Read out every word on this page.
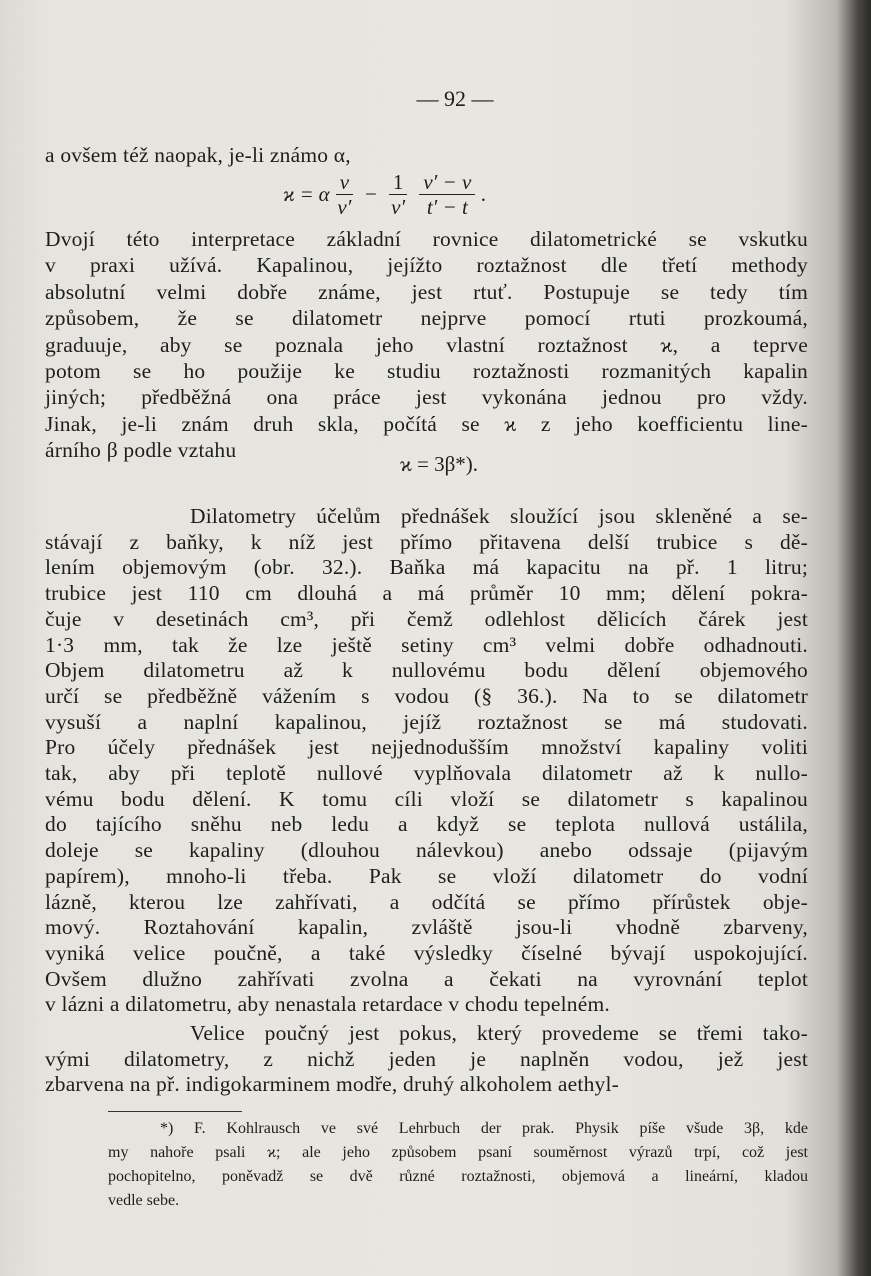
— 92 —
a ovšem též naopak, je-li známo α,
ϰ = α $\frac{v}{v'} - \frac{1}{v'} \frac{v' - v}{t' - t}$ .
Dvojí této interpretace základní rovnice dilatometrické se vskutku
v praxi užívá. Kapalinou, jejížto roztažnost dle třetí methody
absolutní velmi dobře známe, jest rtuť. Postupuje se tedy tím
způsobem, že se dilatometr nejprve pomocí rtuti prozkoumá,
graduuje, aby se poznala jeho vlastní roztažnost ϰ, a teprve
potom se ho použije ke studiu roztažnosti rozmanitých kapalin
jiných; předběžná ona práce jest vykonána jednou pro vždy.
Jinak, je-li znám druh skla, počítá se ϰ z jeho koefficientu line-
árního β podle vztahu
ϰ = 3β*).
Dilatometry účelům přednášek sloužící jsou skleněné a se-
stávají z baňky, k níž jest přímo přitavena delší trubice s dě-
lením objemovým (obr. 32.). Baňka má kapacitu na př. 1 litru;
trubice jest 110 cm dlouhá a má průměr 10 mm; dělení pokra-
čuje v desetinách cm³, při čemž odlehlost dělicích čárek jest
1·3 mm, tak že lze ještě setiny cm³ velmi dobře odhadnouti.
Objem dilatometru až k nullovému bodu dělení objemového
určí se předběžně vážením s vodou (§ 36.). Na to se dilatometr
vysuší a naplní kapalinou, jejíž roztažnost se má studovati.
Pro účely přednášek jest nejjednodušším množství kapaliny voliti
tak, aby při teplotě nullové vyplňovala dilatometr až k nullo-
vému bodu dělení. K tomu cíli vloží se dilatometr s kapalinou
do tajícího sněhu neb ledu a když se teplota nullová ustálila,
doleje se kapaliny (dlouhou nálevkou) anebo odssaje (pijavým
papírem), mnoho-li třeba. Pak se vloží dilatometr do vodní
lázně, kterou lze zahřívati, a odčítá se přímo přírůstek obje-
mový. Roztahování kapalin, zvláště jsou-li vhodně zbarveny,
vyniká velice poučně, a také výsledky číselné bývají uspokojující.
Ovšem dlužno zahřívati zvolna a čekati na vyrovnání teplot
v lázni a dilatometru, aby nenastala retardace v chodu tepelném.
Velice poučný jest pokus, který provedeme se třemi tako-
vými dilatometry, z nichž jeden je naplněn vodou, jež jest
zbarvena na př. indigokarminem modře, druhý alkoholem aethyl-
*) F. Kohlrausch ve své Lehrbuch der prak. Physik píše všude 3β, kde
my nahoře psali ϰ; ale jeho způsobem psaní souměrnost výrazů trpí, což jest
pochopitelno, poněvadž se dvě různé roztažnosti, objemová a lineární, kladou
vedle sebe.
